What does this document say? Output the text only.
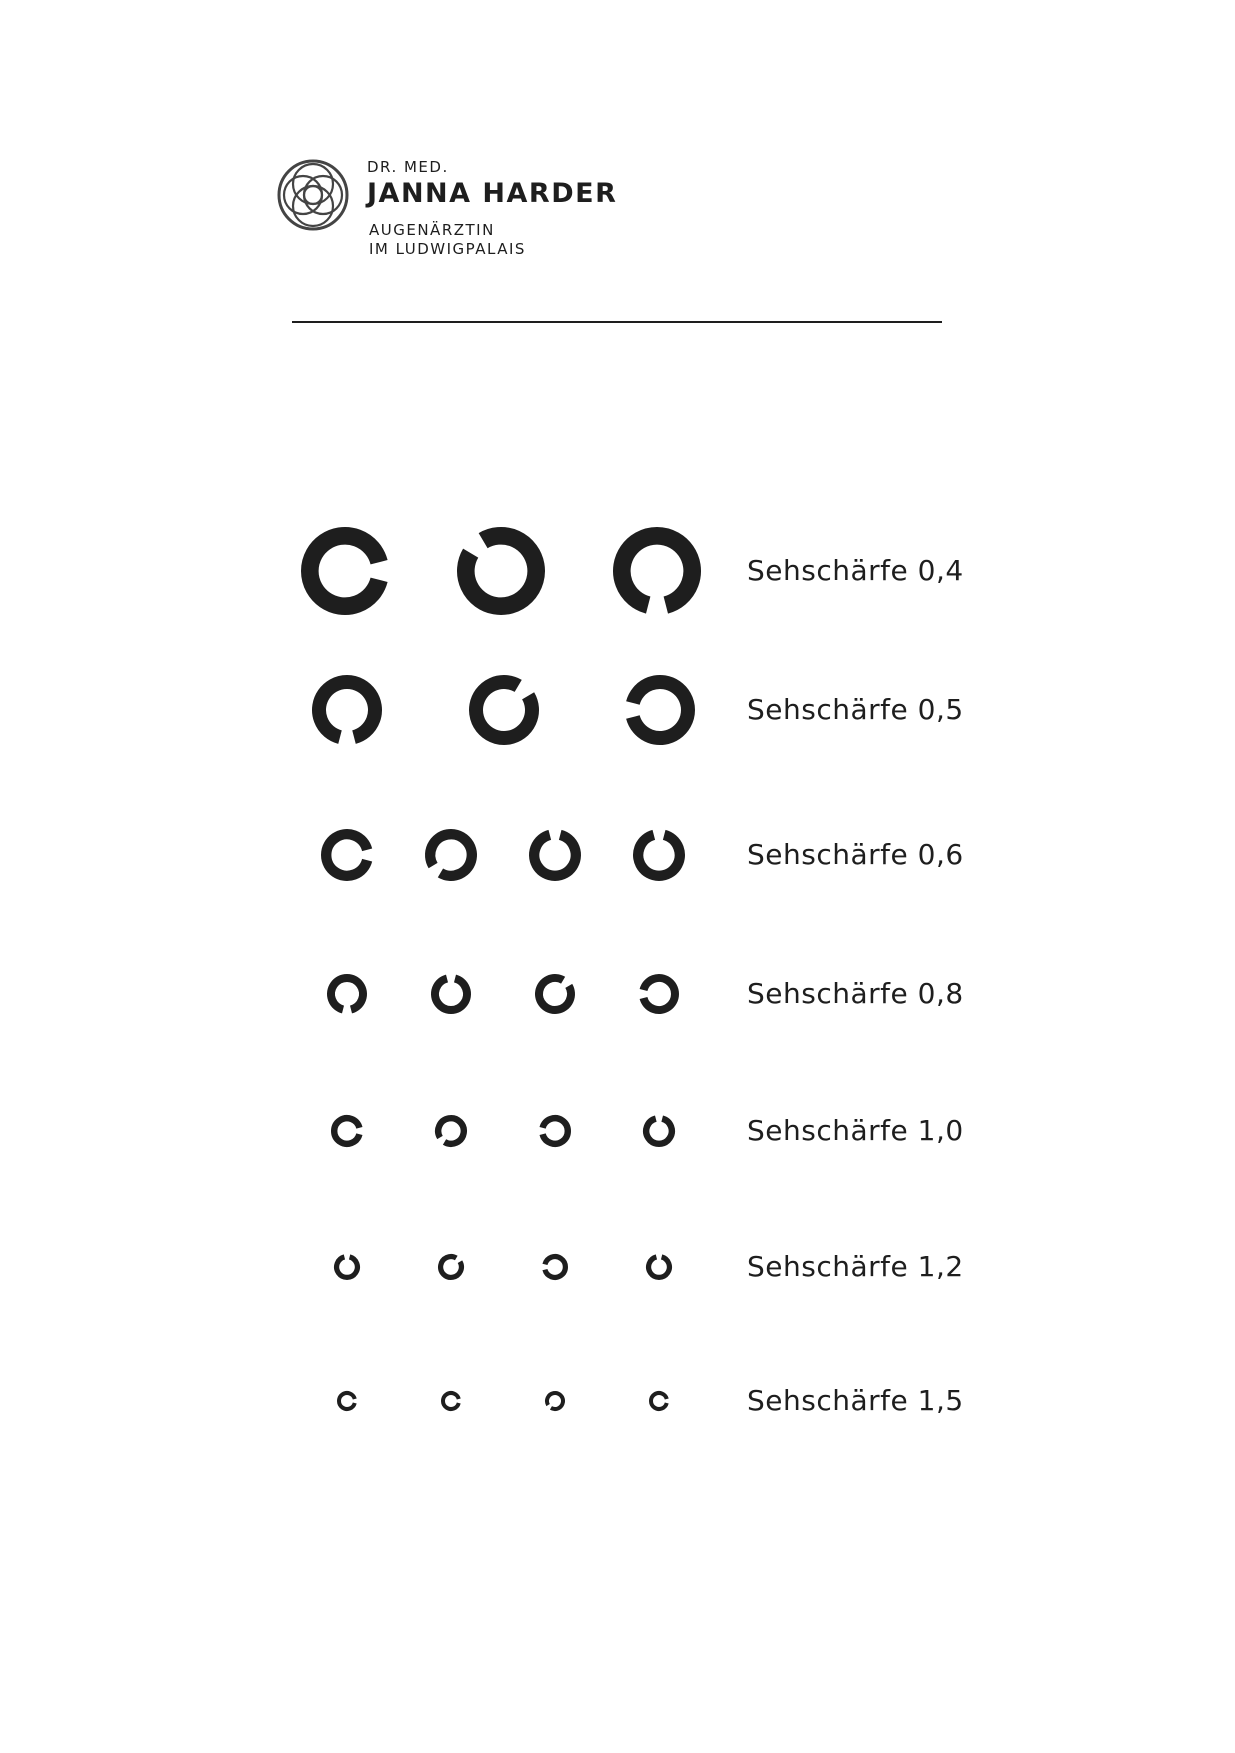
DR. MED.
JANNA HARDER
AUGENÄRZTIN
IM LUDWIGPALAIS
Sehschärfe 0,4
Sehschärfe 0,5
Sehschärfe 0,6
Sehschärfe 0,8
Sehschärfe 1,0
Sehschärfe 1,2
Sehschärfe 1,5
